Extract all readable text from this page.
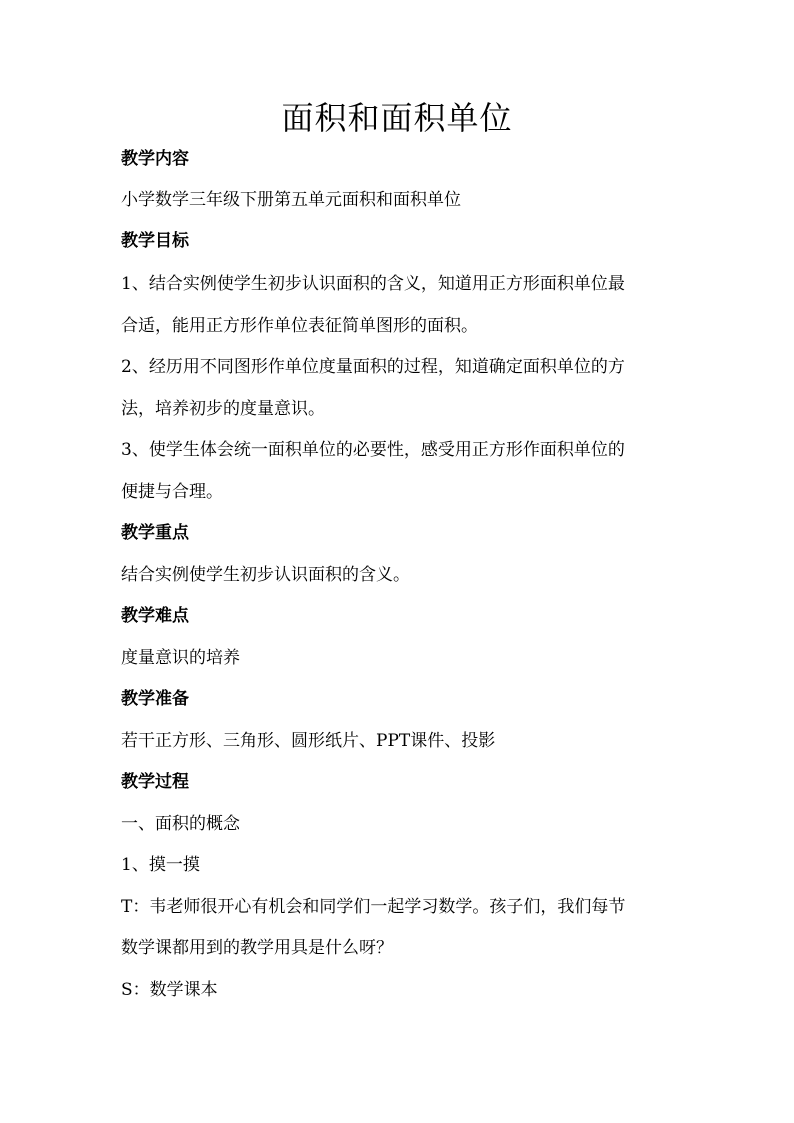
面积和面积单位

教学内容

小学数学三年级下册第五单元面积和面积单位

教学目标

1、结合实例使学生初步认识面积的含义，知道用正方形面积单位最

合适，能用正方形作单位表征简单图形的面积。

2、经历用不同图形作单位度量面积的过程，知道确定面积单位的方

法，培养初步的度量意识。

3、使学生体会统一面积单位的必要性，感受用正方形作面积单位的

便捷与合理。

教学重点

结合实例使学生初步认识面积的含义。

教学难点

度量意识的培养

教学准备

若干正方形、三角形、圆形纸片、PPT课件、投影

教学过程

一、面积的概念

1、摸一摸

T：韦老师很开心有机会和同学们一起学习数学。孩子们，我们每节

数学课都用到的教学用具是什么呀？

S：数学课本
